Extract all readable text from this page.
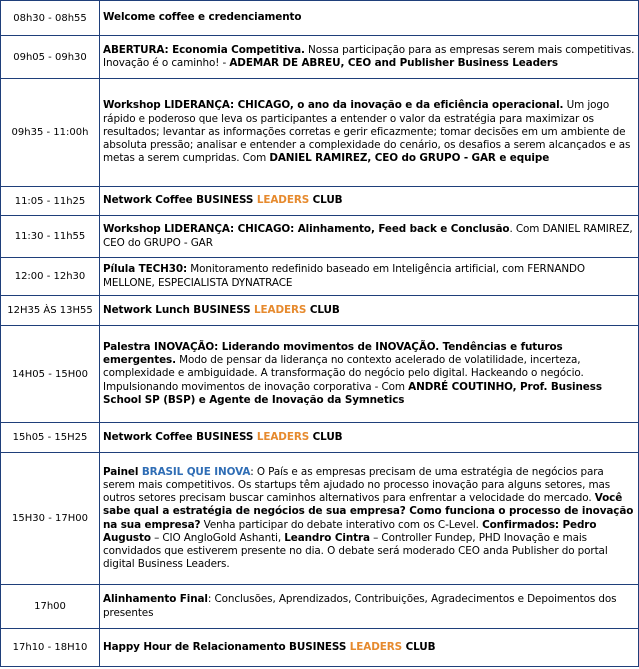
08h30 - 08h55	Welcome coffee e credenciamento
09h05 - 09h30	ABERTURA: Economia Competitiva. Nossa participação para as empresas serem mais competitivas. Inovação é o caminho! - ADEMAR DE ABREU, CEO and Publisher Business Leaders
09h35 - 11:00h	Workshop LIDERANÇA: CHICAGO, o ano da inovação e da eficiência operacional. Um jogo rápido e poderoso que leva os participantes a entender o valor da estratégia para maximizar os resultados; levantar as informações corretas e gerir eficazmente; tomar decisões em um ambiente de absoluta pressão; analisar e entender a complexidade do cenário, os desafios a serem alcançados e as metas a serem cumpridas. Com DANIEL RAMIREZ, CEO do GRUPO - GAR e equipe
11:05 - 11h25	Network Coffee BUSINESS LEADERS CLUB
11:30 - 11h55	Workshop LIDERANÇA: CHICAGO: Alinhamento, Feed back e Conclusão. Com DANIEL RAMIREZ, CEO do GRUPO - GAR
12:00 - 12h30	Pílula TECH30: Monitoramento redefinido baseado em Inteligência artificial, com FERNANDO MELLONE, ESPECIALISTA DYNATRACE
12H35 ÀS 13H55	Network Lunch BUSINESS LEADERS CLUB
14H05 - 15H00	Palestra INOVAÇÃO: Liderando movimentos de INOVAÇÃO. Tendências e futuros emergentes. Modo de pensar da liderança no contexto acelerado de volatilidade, incerteza, complexidade e ambiguidade. A transformação do negócio pelo digital. Hackeando o negócio. Impulsionando movimentos de inovação corporativa - Com ANDRÉ COUTINHO, Prof. Business School SP (BSP) e Agente de Inovação da Symnetics
15h05 - 15H25	Network Coffee BUSINESS LEADERS CLUB
15H30 - 17H00	Painel BRASIL QUE INOVA: O País e as empresas precisam de uma estratégia de negócios para serem mais competitivos. Os startups têm ajudado no processo inovação para alguns setores, mas outros setores precisam buscar caminhos alternativos para enfrentar a velocidade do mercado. Você sabe qual a estratégia de negócios de sua empresa? Como funciona o processo de inovação na sua empresa? Venha participar do debate interativo com os C-Level. Confirmados: Pedro Augusto – CIO AngloGold Ashanti, Leandro Cintra – Controller Fundep, PHD Inovação e mais convidados que estiverem presente no dia. O debate será moderado CEO anda Publisher do portal digital Business Leaders.
17h00	Alinhamento Final: Conclusões, Aprendizados, Contribuições, Agradecimentos e Depoimentos dos presentes
17h10 - 18H10	Happy Hour de Relacionamento BUSINESS LEADERS CLUB
